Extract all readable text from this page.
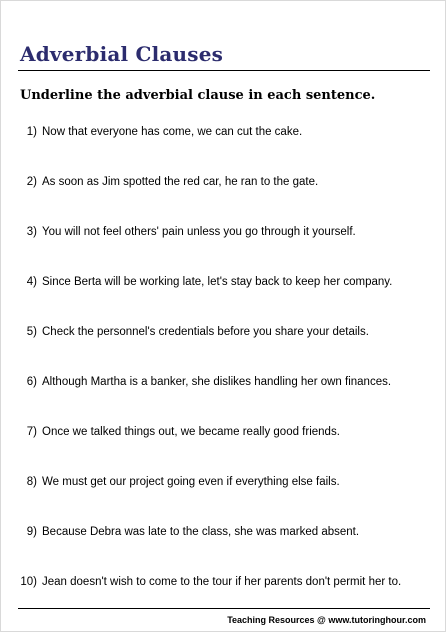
Adverbial Clauses
Underline the adverbial clause in each sentence.
1) Now that everyone has come, we can cut the cake.
2) As soon as Jim spotted the red car, he ran to the gate.
3) You will not feel others' pain unless you go through it yourself.
4) Since Berta will be working late, let's stay back to keep her company.
5) Check the personnel's credentials before you share your details.
6) Although Martha is a banker, she dislikes handling her own finances.
7) Once we talked things out, we became really good friends.
8) We must get our project going even if everything else fails.
9) Because Debra was late to the class, she was marked absent.
10) Jean doesn't wish to come to the tour if her parents don't permit her to.
Teaching Resources @ www.tutoringhour.com
